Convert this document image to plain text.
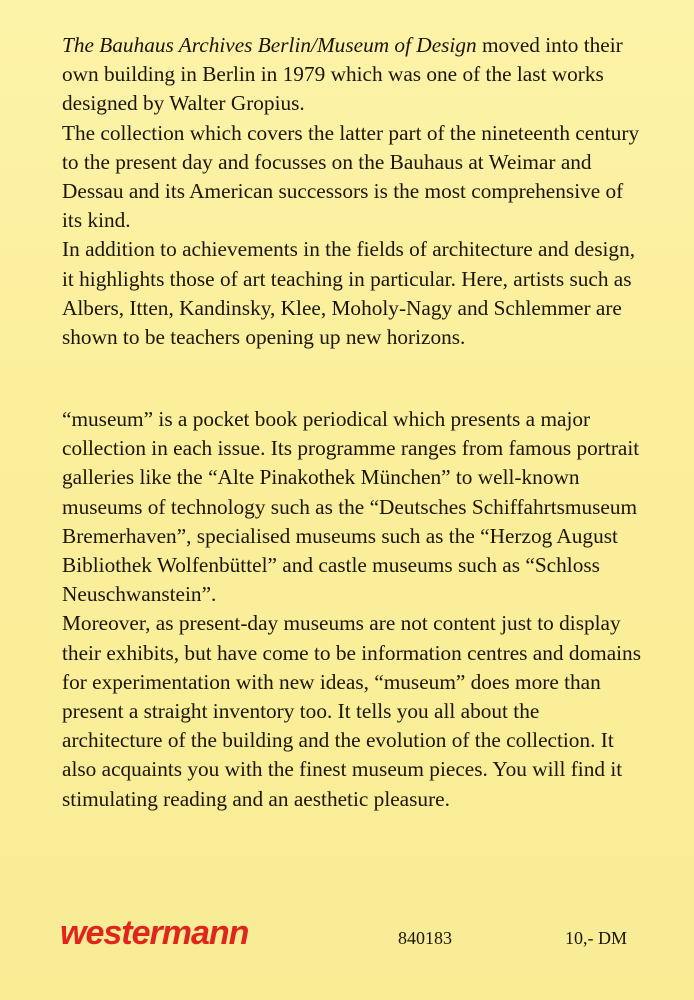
The Bauhaus Archives Berlin/Museum of Design moved into their own building in Berlin in 1979 which was one of the last works designed by Walter Gropius.

The collection which covers the latter part of the nineteenth century to the present day and focusses on the Bauhaus at Weimar and Dessau and its American successors is the most comprehensive of its kind.

In addition to achievements in the fields of architecture and design, it highlights those of art teaching in particular. Here, artists such as Albers, Itten, Kandinsky, Klee, Moholy-Nagy and Schlemmer are shown to be teachers opening up new horizons.

“museum” is a pocket book periodical which presents a major collection in each issue. Its programme ranges from famous portrait galleries like the “Alte Pinakothek München” to well-known museums of technology such as the “Deutsches Schiffahrtsmuseum Bremerhaven”, specialised museums such as the “Herzog August Bibliothek Wolfenbüttel” and castle museums such as “Schloss Neuschwanstein”.

Moreover, as present-day museums are not content just to display their exhibits, but have come to be information centres and domains for experimentation with new ideas, “museum” does more than present a straight inventory too. It tells you all about the architecture of the building and the evolution of the collection. It also acquaints you with the finest museum pieces. You will find it stimulating reading and an aesthetic pleasure.

westermann	840183	10,- DM
